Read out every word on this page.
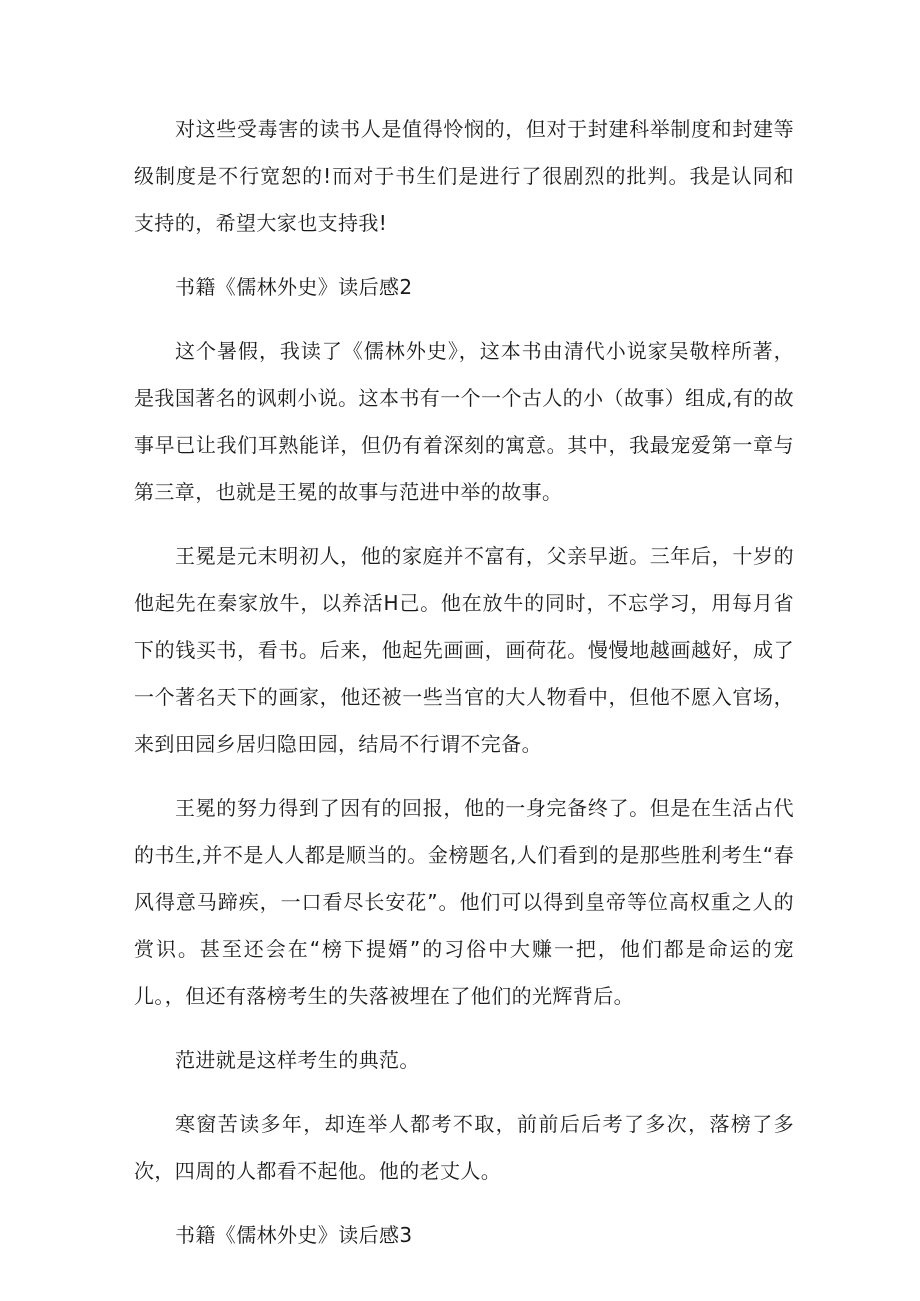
对这些受毒害的读书人是值得怜悯的，但对于封建科举制度和封建等级制度是不行宽恕的!而对于书生们是进行了很剧烈的批判。我是认同和支持的，希望大家也支持我!

书籍《儒林外史》读后感2

这个暑假，我读了《儒林外史》，这本书由清代小说家吴敬梓所著，是我国著名的讽刺小说。这本书有一个一个古人的小（故事）组成,有的故事早已让我们耳熟能详，但仍有着深刻的寓意。其中，我最宠爱第一章与第三章，也就是王冕的故事与范进中举的故事。

王冕是元末明初人，他的家庭并不富有，父亲早逝。三年后，十岁的他起先在秦家放牛，以养活H己。他在放牛的同时，不忘学习，用每月省下的钱买书，看书。后来，他起先画画，画荷花。慢慢地越画越好，成了一个著名天下的画家，他还被一些当官的大人物看中，但他不愿入官场，来到田园乡居归隐田园，结局不行谓不完备。

王冕的努力得到了因有的回报，他的一身完备终了。但是在生活占代的书生,并不是人人都是顺当的。金榜题名,人们看到的是那些胜利考生“春风得意马蹄疾，一口看尽长安花”。他们可以得到皇帝等位高权重之人的赏识。甚至还会在“榜下提婿”的习俗中大赚一把，他们都是命运的宠儿。，但还有落榜考生的失落被埋在了他们的光辉背后。

范进就是这样考生的典范。

寒窗苦读多年，却连举人都考不取，前前后后考了多次，落榜了多次，四周的人都看不起他。他的老丈人。

书籍《儒林外史》读后感3
